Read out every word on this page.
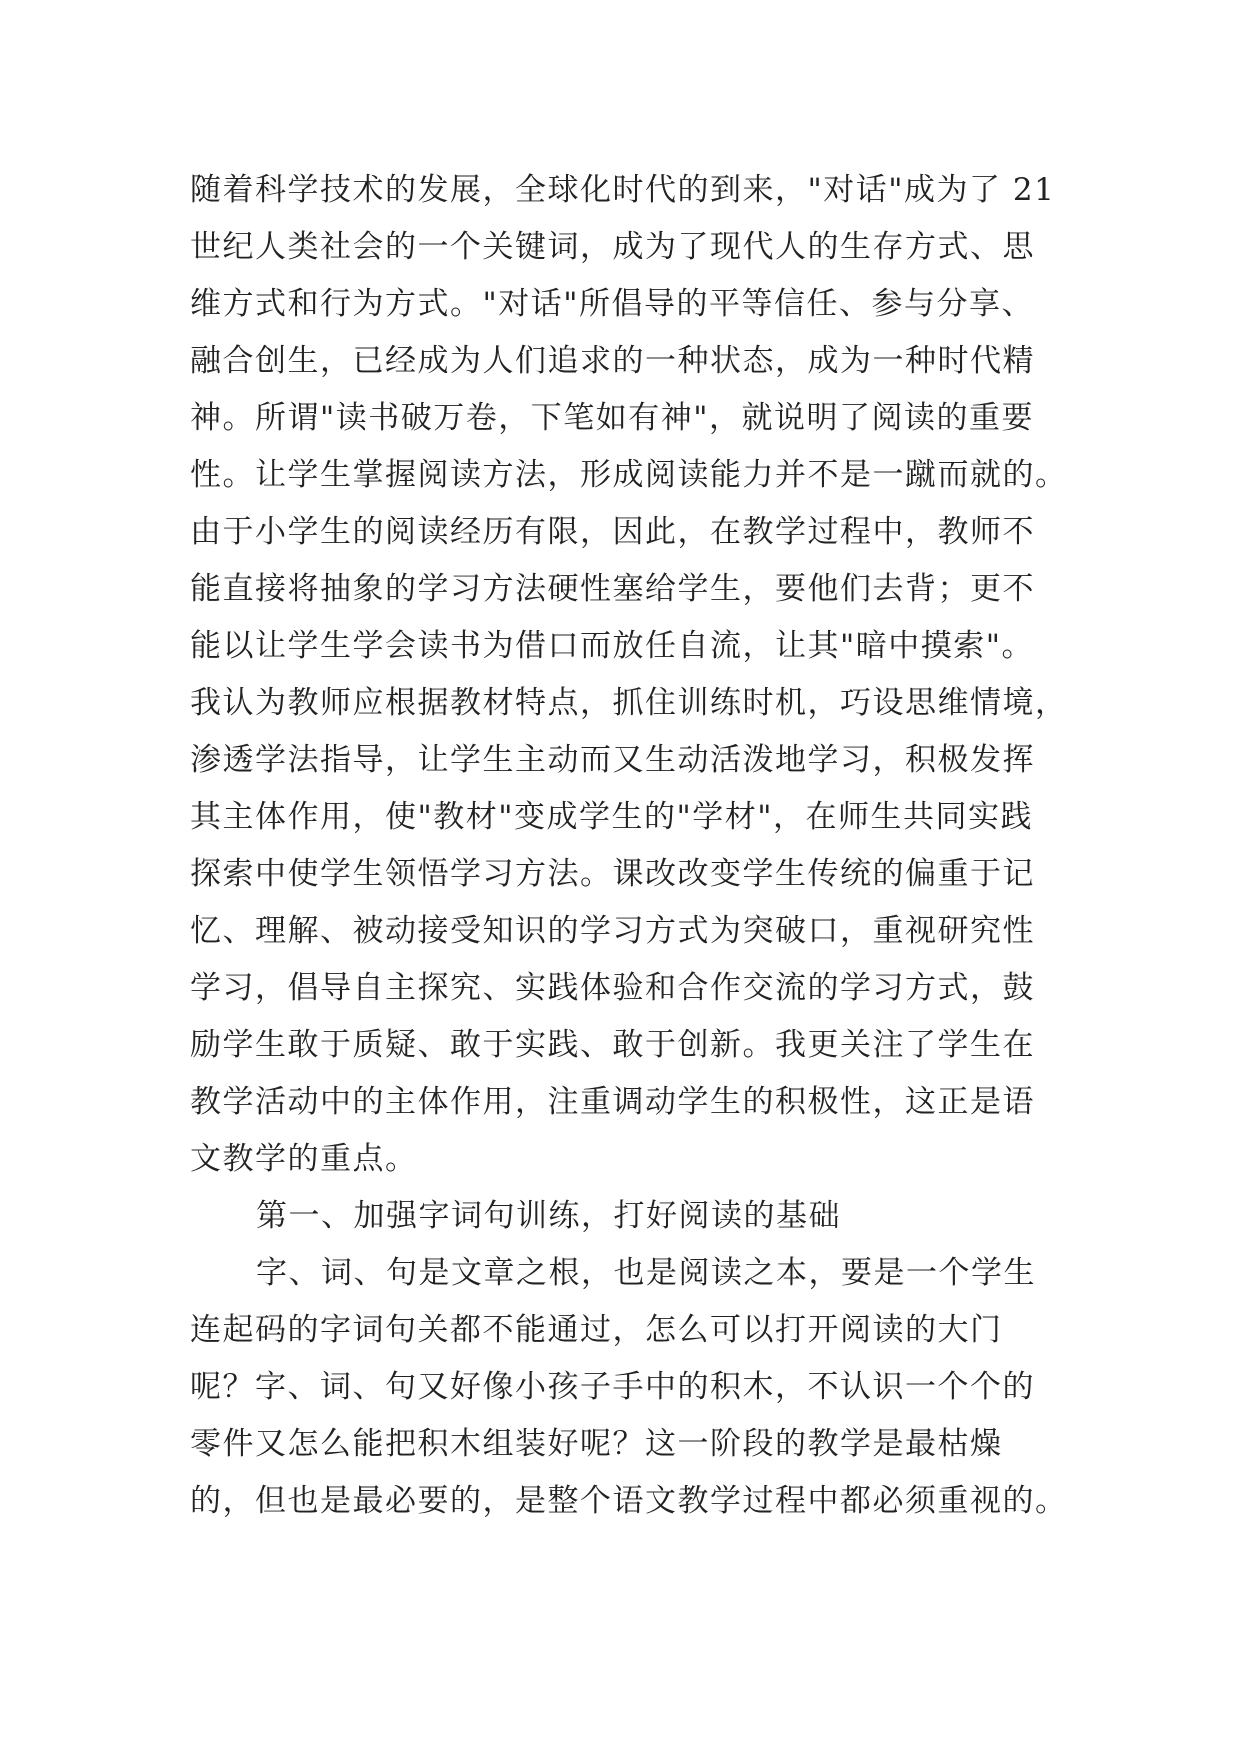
随着科学技术的发展，全球化时代的到来，"对话"成为了 21
世纪人类社会的一个关键词，成为了现代人的生存方式、思
维方式和行为方式。"对话"所倡导的平等信任、参与分享、
融合创生，已经成为人们追求的一种状态，成为一种时代精
神。所谓"读书破万卷，下笔如有神"，就说明了阅读的重要
性。让学生掌握阅读方法，形成阅读能力并不是一蹴而就的。
由于小学生的阅读经历有限，因此，在教学过程中，教师不
能直接将抽象的学习方法硬性塞给学生，要他们去背；更不
能以让学生学会读书为借口而放任自流，让其"暗中摸索"。
我认为教师应根据教材特点，抓住训练时机，巧设思维情境，
渗透学法指导，让学生主动而又生动活泼地学习，积极发挥
其主体作用，使"教材"变成学生的"学材"，在师生共同实践
探索中使学生领悟学习方法。课改改变学生传统的偏重于记
忆、理解、被动接受知识的学习方式为突破口，重视研究性
学习，倡导自主探究、实践体验和合作交流的学习方式，鼓
励学生敢于质疑、敢于实践、敢于创新。我更关注了学生在
教学活动中的主体作用，注重调动学生的积极性，这正是语
文教学的重点。
第一、加强字词句训练，打好阅读的基础
字、词、句是文章之根，也是阅读之本，要是一个学生
连起码的字词句关都不能通过，怎么可以打开阅读的大门
呢？字、词、句又好像小孩子手中的积木，不认识一个个的
零件又怎么能把积木组装好呢？这一阶段的教学是最枯燥
的，但也是最必要的，是整个语文教学过程中都必须重视的。
